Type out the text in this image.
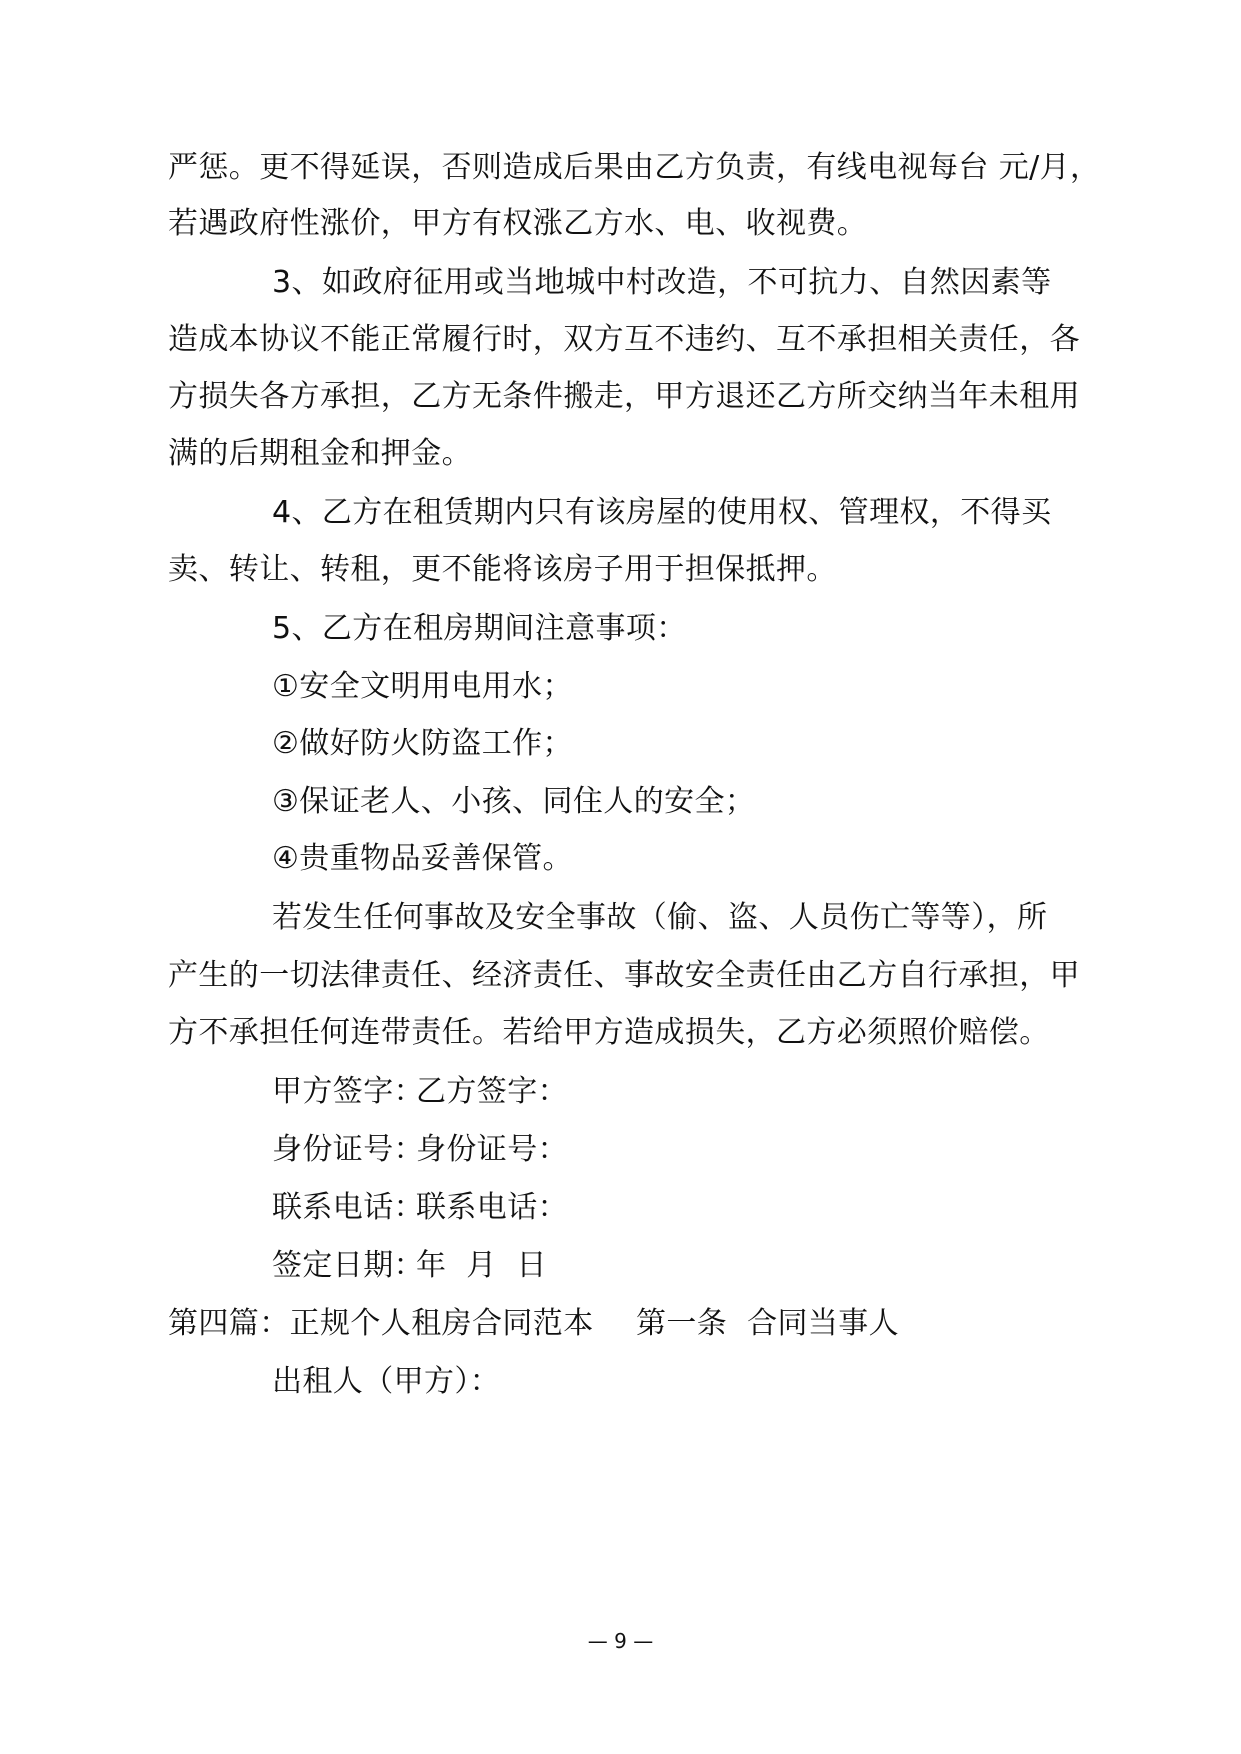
严惩。更不得延误，否则造成后果由乙方负责，有线电视每台 元/月，
若遇政府性涨价，甲方有权涨乙方水、电、收视费。
3、如政府征用或当地城中村改造，不可抗力、自然因素等
造成本协议不能正常履行时，双方互不违约、互不承担相关责任，各
方损失各方承担，乙方无条件搬走，甲方退还乙方所交纳当年未租用
满的后期租金和押金。
4、乙方在租赁期内只有该房屋的使用权、管理权，不得买
卖、转让、转租，更不能将该房子用于担保抵押。
5、乙方在租房期间注意事项：
①安全文明用电用水；
②做好防火防盗工作；
③保证老人、小孩、同住人的安全；
④贵重物品妥善保管。
若发生任何事故及安全事故（偷、盗、人员伤亡等等），所
产生的一切法律责任、经济责任、事故安全责任由乙方自行承担，甲
方不承担任何连带责任。若给甲方造成损失，乙方必须照价赔偿。
甲方签字：乙方签字：
身份证号：身份证号：
联系电话：联系电话：
签定日期：年  月  日
第四篇：正规个人租房合同范本 第一条  合同当事人
出租人（甲方）：
— 9 —
